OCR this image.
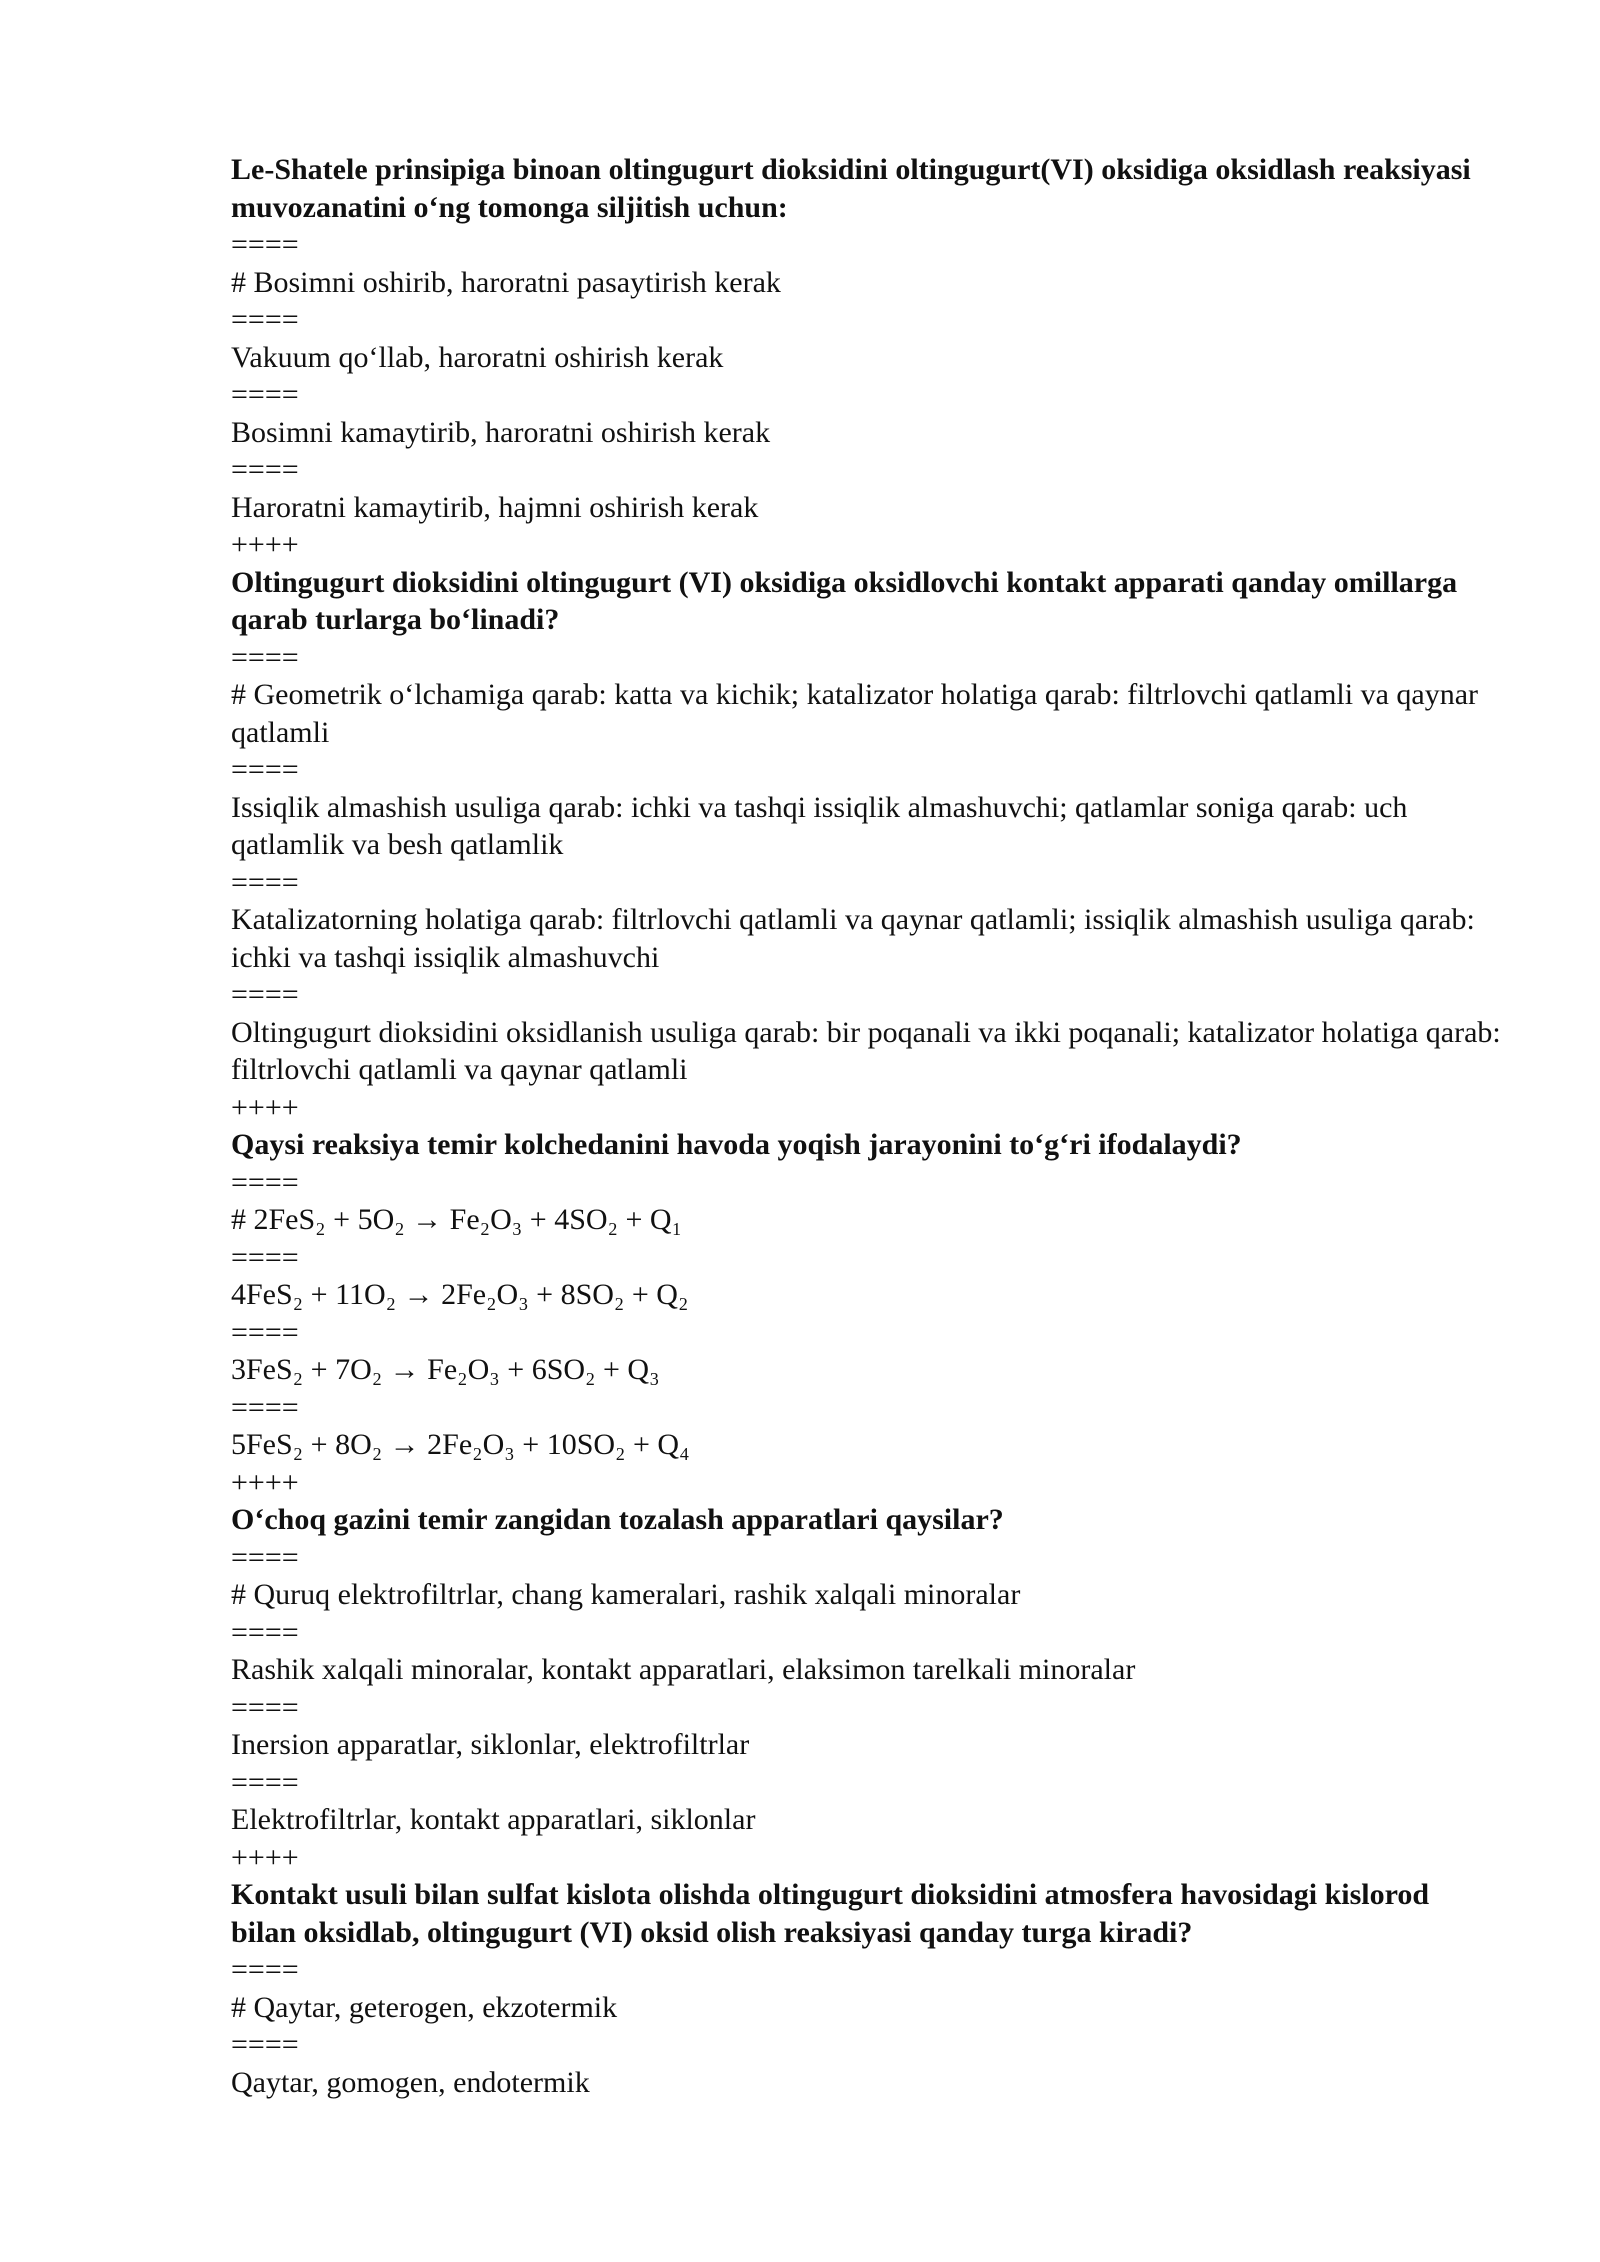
Le-Shatele prinsipiga binoan oltingugurt dioksidini oltingugurt(VI) oksidiga oksidlash reaksiyasi muvozanatini o‘ng tomonga siljitish uchun:

====

# Bosimni oshirib, haroratni pasaytirish kerak

====

Vakuum qo‘llab, haroratni oshirish kerak

====

Bosimni kamaytirib, haroratni oshirish kerak

====

Haroratni kamaytirib, hajmni oshirish kerak

++++

Oltingugurt dioksidini oltingugurt (VI) oksidiga oksidlovchi kontakt apparati qanday omillarga qarab turlarga bo‘linadi?

====

# Geometrik o‘lchamiga qarab: katta va kichik; katalizator holatiga qarab: filtrlovchi qatlamli va qaynar qatlamli

====

Issiqlik almashish usuliga qarab: ichki va tashqi issiqlik almashuvchi; qatlamlar soniga qarab: uch qatlamlik va besh qatlamlik

====

Katalizatorning holatiga qarab: filtrlovchi qatlamli va qaynar qatlamli; issiqlik almashish usuliga qarab: ichki va tashqi issiqlik almashuvchi

====

Oltingugurt dioksidini oksidlanish usuliga qarab: bir poqanali va ikki poqanali; katalizator holatiga qarab: filtrlovchi qatlamli va qaynar qatlamli

++++

Qaysi reaksiya temir kolchedanini havoda yoqish jarayonini to‘g‘ri ifodalaydi?

====

# 2FeS₂ + 5O₂ → Fe₂O₃ + 4SO₂ + Q₁

====

4FeS₂ + 11O₂ → 2Fe₂O₃ + 8SO₂ + Q₂

====

3FeS₂ + 7O₂ → Fe₂O₃ + 6SO₂ + Q₃

====

5FeS₂ + 8O₂ → 2Fe₂O₃ + 10SO₂ + Q₄

++++

O‘choq gazini temir zangidan tozalash apparatlari qaysilar?

====

# Quruq elektrofiltrlar, chang kameralari, rashik xalqali minoralar

====

Rashik xalqali minoralar, kontakt apparatlari, elaksimon tarelkali minoralar

====

Inersion apparatlar, siklonlar, elektrofiltrlar

====

Elektrofiltrlar, kontakt apparatlari, siklonlar

++++

Kontakt usuli bilan sulfat kislota olishda oltingugurt dioksidini atmosfera havosidagi kislorod bilan oksidlab, oltingugurt (VI) oksid olish reaksiyasi qanday turga kiradi?

====

# Qaytar, geterogen, ekzotermik

====

Qaytar, gomogen, endotermik
